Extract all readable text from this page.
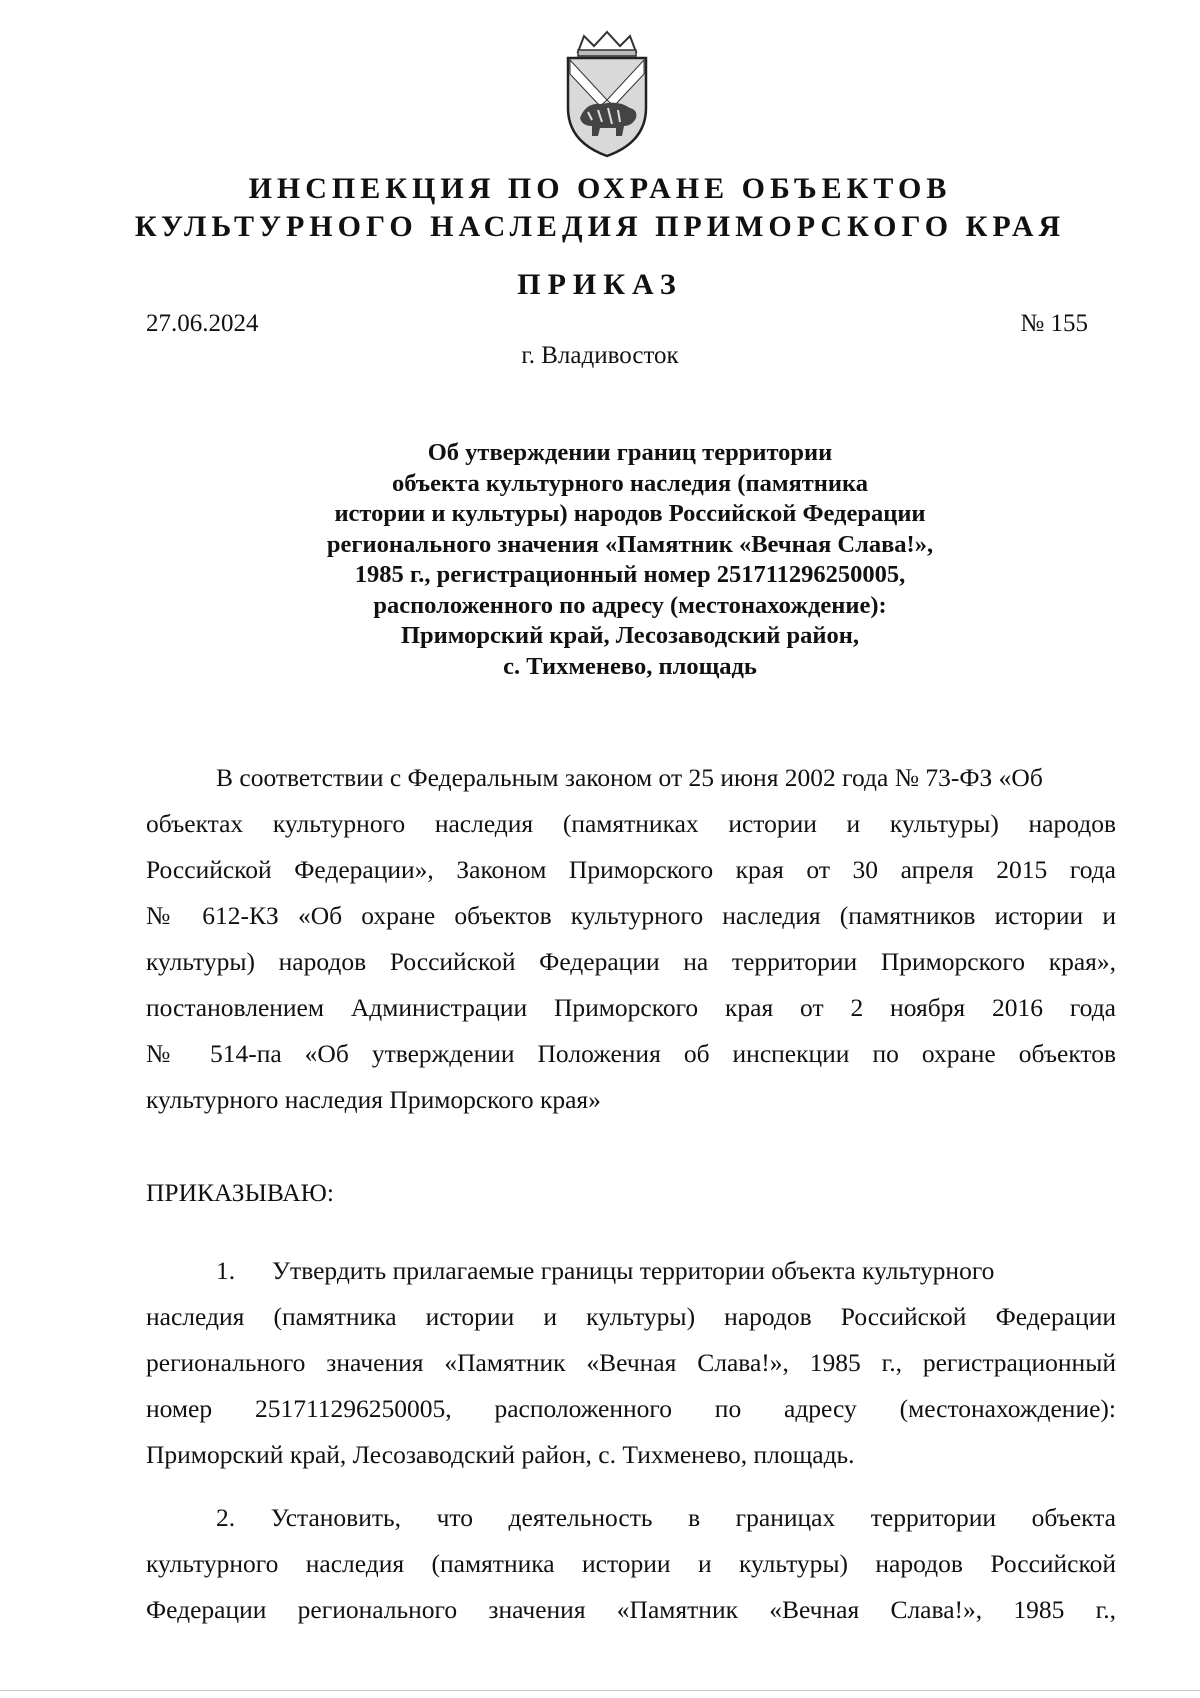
ИНСПЕКЦИЯ ПО ОХРАНЕ ОБЪЕКТОВ
КУЛЬТУРНОГО НАСЛЕДИЯ ПРИМОРСКОГО КРАЯ
ПРИКАЗ
27.06.2024	№ 155
г. Владивосток
Об утверждении границ территории
объекта культурного наследия (памятника
истории и культуры) народов Российской Федерации
регионального значения «Памятник «Вечная Слава!»,
1985 г., регистрационный номер 251711296250005,
расположенного по адресу (местонахождение):
Приморский край, Лесозаводский район,
с. Тихменево, площадь
В соответствии с Федеральным законом от 25 июня 2002 года № 73-ФЗ «Об
объектах культурного наследия (памятниках истории и культуры) народов
Российской Федерации», Законом Приморского края от 30 апреля 2015 года
№ 612-КЗ «Об охране объектов культурного наследия (памятников истории и
культуры) народов Российской Федерации на территории Приморского края»,
постановлением Администрации Приморского края от 2 ноября 2016 года
№ 514-па «Об утверждении Положения об инспекции по охране объектов
культурного наследия Приморского края»
ПРИКАЗЫВАЮ:
1. Утвердить прилагаемые границы территории объекта культурного
наследия (памятника истории и культуры) народов Российской Федерации
регионального значения «Памятник «Вечная Слава!», 1985 г., регистрационный
номер 251711296250005, расположенного по адресу (местонахождение):
Приморский край, Лесозаводский район, с. Тихменево, площадь.
2. Установить, что деятельность в границах территории объекта
культурного наследия (памятника истории и культуры) народов Российской
Федерации регионального значения «Памятник «Вечная Слава!», 1985 г.,
